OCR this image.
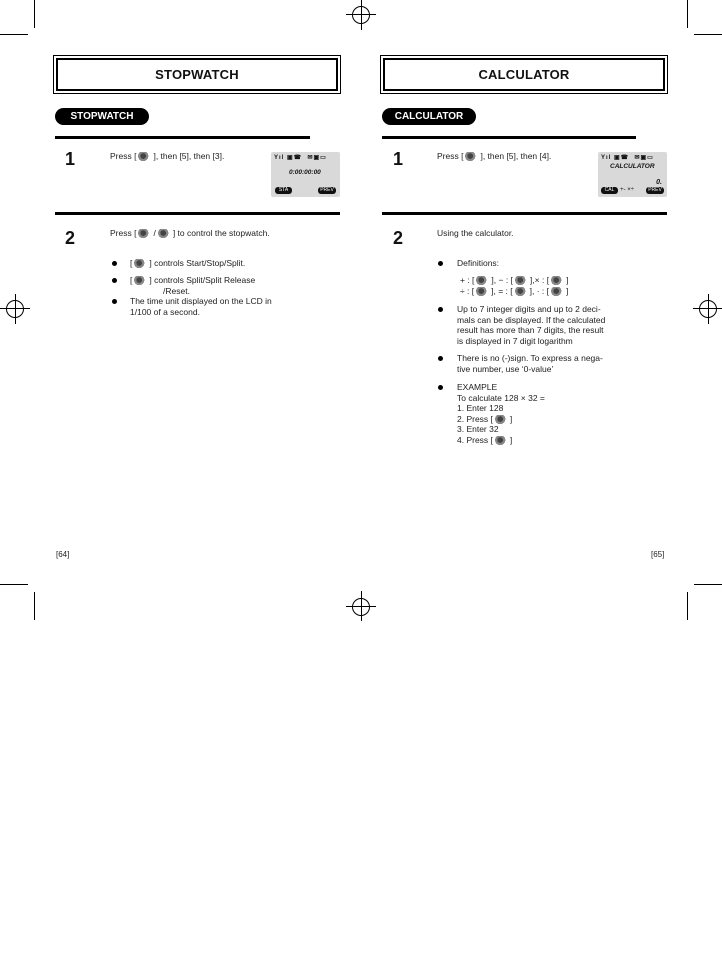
STOPWATCH
STOPWATCH
1	Press [ ], then [5], then [3].	Yıl ▣☎  ✉▣▭
0:00:00:00
STA	PREV
2	Press [ / ] to control the stopwatch.
[ ] controls Start/Stop/Split.
[ ] controls Split/Split Release
/Reset.
The time unit displayed on the LCD in
1/100 of a second.
[64]
CALCULATOR
CALCULATOR
1	Press [ ], then [5], then [4].	Yıl ▣☎  ✉▣▭
CALCULATOR
0.
CAL +- ×÷	PREV
2	Using the calculator.
Definitions:
+ : [ ], − : [ ],× : [ ]
÷ : [ ], = : [ ], · : [ ]
Up to 7 integer digits and up to 2 deci-
mals can be displayed. If the calculated
result has more than 7 digits, the result
is displayed in 7 digit logarithm
There is no (-)sign. To express a nega-
tive number, use ‘0-value’
EXAMPLE
To calculate 128 × 32 =
1. Enter 128
2. Press [ ]
3. Enter 32
4. Press [ ]
[65]
